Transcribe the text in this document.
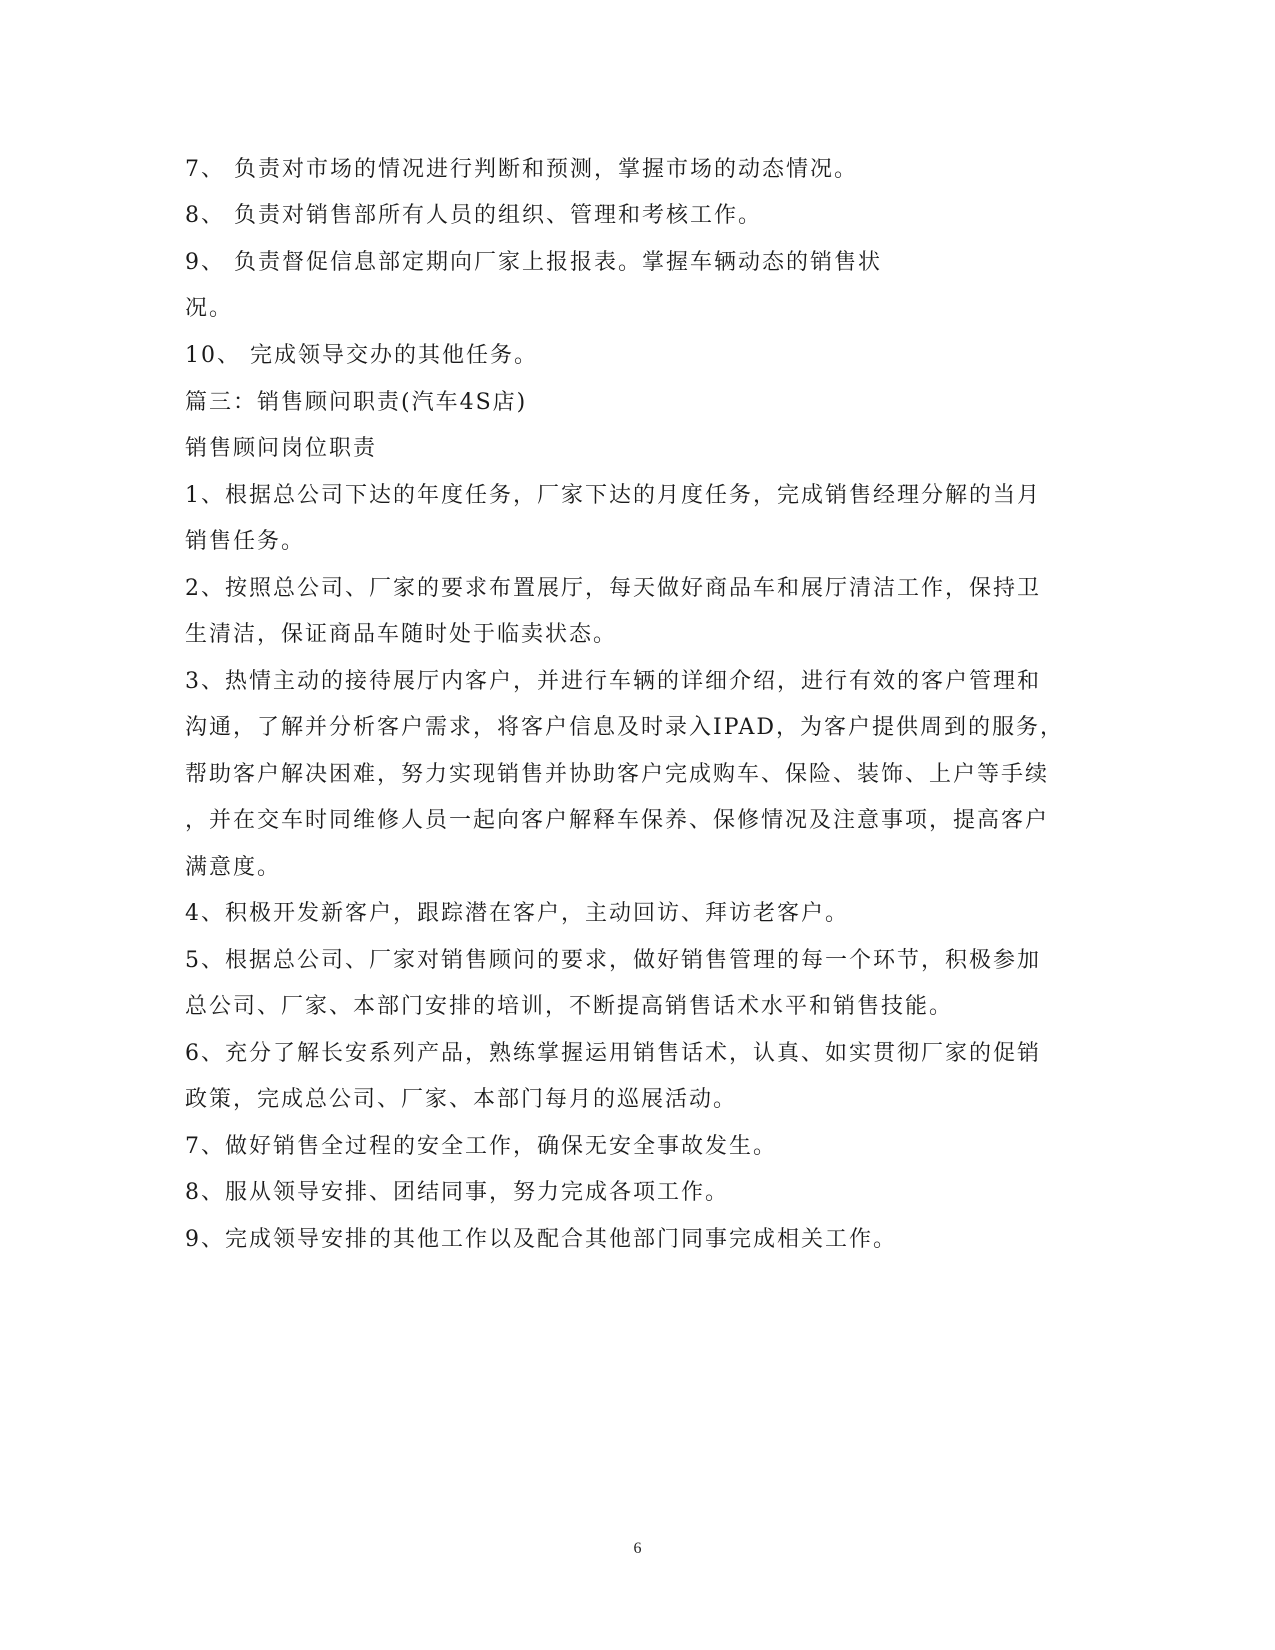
7、 负责对市场的情况进行判断和预测，掌握市场的动态情况。
8、 负责对销售部所有人员的组织、管理和考核工作。
9、 负责督促信息部定期向厂家上报报表。掌握车辆动态的销售状
况。
10、 完成领导交办的其他任务。
篇三：销售顾问职责(汽车4S店)
销售顾问岗位职责
1、根据总公司下达的年度任务，厂家下达的月度任务，完成销售经理分解的当月
销售任务。
2、按照总公司、厂家的要求布置展厅，每天做好商品车和展厅清洁工作，保持卫
生清洁，保证商品车随时处于临卖状态。
3、热情主动的接待展厅内客户，并进行车辆的详细介绍，进行有效的客户管理和
沟通，了解并分析客户需求，将客户信息及时录入IPAD，为客户提供周到的服务，
帮助客户解决困难，努力实现销售并协助客户完成购车、保险、装饰、上户等手续
，并在交车时同维修人员一起向客户解释车保养、保修情况及注意事项，提高客户
满意度。
4、积极开发新客户，跟踪潜在客户，主动回访、拜访老客户。
5、根据总公司、厂家对销售顾问的要求，做好销售管理的每一个环节，积极参加
总公司、厂家、本部门安排的培训，不断提高销售话术水平和销售技能。
6、充分了解长安系列产品，熟练掌握运用销售话术，认真、如实贯彻厂家的促销
政策，完成总公司、厂家、本部门每月的巡展活动。
7、做好销售全过程的安全工作，确保无安全事故发生。
8、服从领导安排、团结同事，努力完成各项工作。
9、完成领导安排的其他工作以及配合其他部门同事完成相关工作。
6
